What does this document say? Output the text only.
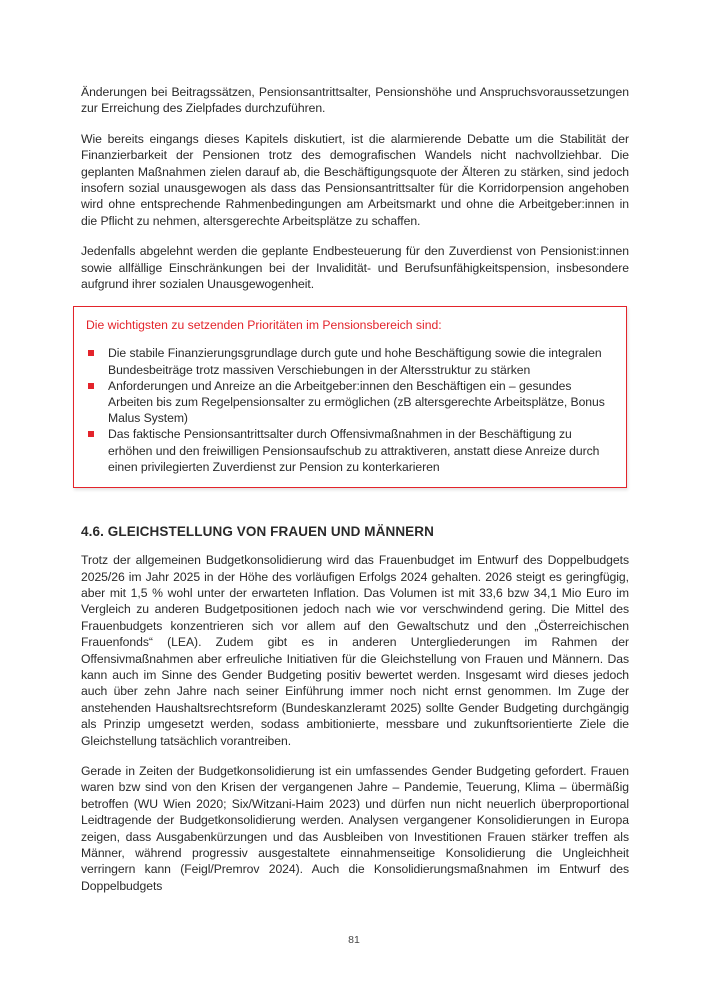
Änderungen bei Beitragssätzen, Pensionsantrittsalter, Pensionshöhe und Anspruchsvoraussetzungen zur Erreichung des Zielpfades durchzuführen.

Wie bereits eingangs dieses Kapitels diskutiert, ist die alarmierende Debatte um die Stabilität der Finanzierbarkeit der Pensionen trotz des demografischen Wandels nicht nachvollziehbar. Die geplanten Maßnahmen zielen darauf ab, die Beschäftigungsquote der Älteren zu stärken, sind jedoch insofern sozial unausgewogen als dass das Pensionsantrittsalter für die Korridorpension angehoben wird ohne entsprechende Rahmenbedingungen am Arbeitsmarkt und ohne die Arbeitgeber:innen in die Pflicht zu nehmen, altersgerechte Arbeitsplätze zu schaffen.

Jedenfalls abgelehnt werden die geplante Endbesteuerung für den Zuverdienst von Pensionist:innen sowie allfällige Einschränkungen bei der Invalidität- und Berufsunfähigkeitspension, insbesondere aufgrund ihrer sozialen Unausgewogenheit.

Die wichtigsten zu setzenden Prioritäten im Pensionsbereich sind:

Die stabile Finanzierungsgrundlage durch gute und hohe Beschäftigung sowie die integralen Bundesbeiträge trotz massiven Verschiebungen in der Altersstruktur zu stärken
Anforderungen und Anreize an die Arbeitgeber:innen den Beschäftigen ein – gesundes Arbeiten bis zum Regelpensionsalter zu ermöglichen (zB altersgerechte Arbeitsplätze, Bonus Malus System)
Das faktische Pensionsantrittsalter durch Offensivmaßnahmen in der Beschäftigung zu erhöhen und den freiwilligen Pensionsaufschub zu attraktiveren, anstatt diese Anreize durch einen privilegierten Zuverdienst zur Pension zu konterkarieren
4.6. GLEICHSTELLUNG VON FRAUEN UND MÄNNERN

Trotz der allgemeinen Budgetkonsolidierung wird das Frauenbudget im Entwurf des Doppelbudgets 2025/26 im Jahr 2025 in der Höhe des vorläufigen Erfolgs 2024 gehalten. 2026 steigt es geringfügig, aber mit 1,5 % wohl unter der erwarteten Inflation. Das Volumen ist mit 33,6 bzw 34,1 Mio Euro im Vergleich zu anderen Budgetpositionen jedoch nach wie vor verschwindend gering. Die Mittel des Frauenbudgets konzentrieren sich vor allem auf den Gewaltschutz und den „Österreichischen Frauenfonds“ (LEA). Zudem gibt es in anderen Untergliederungen im Rahmen der Offensivmaßnahmen aber erfreuliche Initiativen für die Gleichstellung von Frauen und Männern. Das kann auch im Sinne des Gender Budgeting positiv bewertet werden. Insgesamt wird dieses jedoch auch über zehn Jahre nach seiner Einführung immer noch nicht ernst genommen. Im Zuge der anstehenden Haushaltsrechtsreform (Bundeskanzleramt 2025) sollte Gender Budgeting durchgängig als Prinzip umgesetzt werden, sodass ambitionierte, messbare und zukunftsorientierte Ziele die Gleichstellung tatsächlich vorantreiben.

Gerade in Zeiten der Budgetkonsolidierung ist ein umfassendes Gender Budgeting gefordert. Frauen waren bzw sind von den Krisen der vergangenen Jahre – Pandemie, Teuerung, Klima – übermäßig betroffen (WU Wien 2020; Six/Witzani-Haim 2023) und dürfen nun nicht neuerlich überproportional Leidtragende der Budgetkonsolidierung werden. Analysen vergangener Konsolidierungen in Europa zeigen, dass Ausgabenkürzungen und das Ausbleiben von Investitionen Frauen stärker treffen als Männer, während progressiv ausgestaltete einnahmenseitige Konsolidierung die Ungleichheit verringern kann (Feigl/Premrov 2024). Auch die Konsolidierungsmaßnahmen im Entwurf des Doppelbudgets

81
